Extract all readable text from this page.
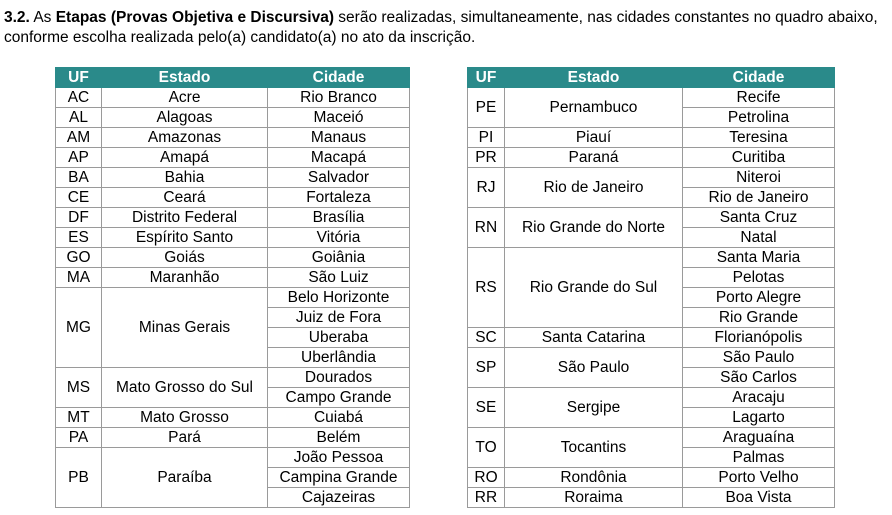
3.2. As Etapas (Provas Objetiva e Discursiva) serão realizadas, simultaneamente, nas cidades constantes no quadro abaixo, conforme escolha realizada pelo(a) candidato(a) no ato da inscrição.

UF	Estado	Cidade
AC	Acre	Rio Branco
AL	Alagoas	Maceió
AM	Amazonas	Manaus
AP	Amapá	Macapá
BA	Bahia	Salvador
CE	Ceará	Fortaleza
DF	Distrito Federal	Brasília
ES	Espírito Santo	Vitória
GO	Goiás	Goiânia
MA	Maranhão	São Luiz
MG	Minas Gerais	Belo Horizonte
		Juiz de Fora
		Uberaba
		Uberlândia
MS	Mato Grosso do Sul	Dourados
		Campo Grande
MT	Mato Grosso	Cuiabá
PA	Pará	Belém
PB	Paraíba	João Pessoa
		Campina Grande
		Cajazeiras
UF	Estado	Cidade
PE	Pernambuco	Recife
		Petrolina
PI	Piauí	Teresina
PR	Paraná	Curitiba
RJ	Rio de Janeiro	Niteroi
		Rio de Janeiro
RN	Rio Grande do Norte	Santa Cruz
		Natal
RS	Rio Grande do Sul	Santa Maria
		Pelotas
		Porto Alegre
		Rio Grande
SC	Santa Catarina	Florianópolis
SP	São Paulo	São Paulo
		São Carlos
SE	Sergipe	Aracaju
		Lagarto
TO	Tocantins	Araguaína
		Palmas
RO	Rondônia	Porto Velho
RR	Roraima	Boa Vista
